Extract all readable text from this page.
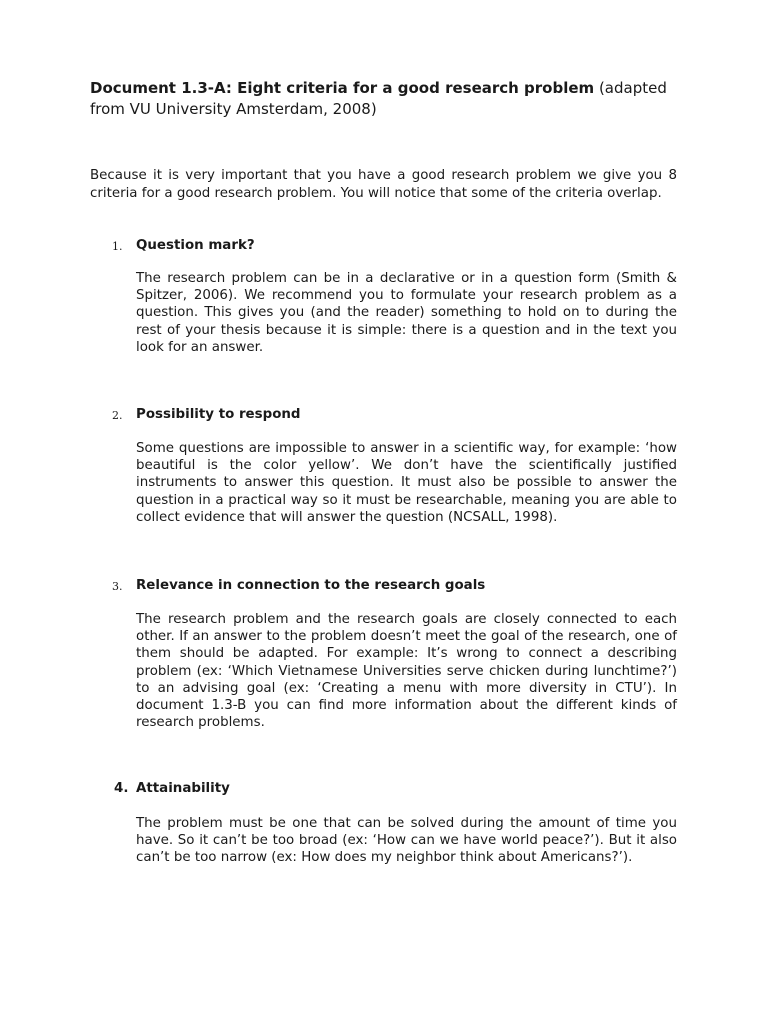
Document 1.3-A: Eight criteria for a good research problem (adapted from VU University Amsterdam, 2008)

Because it is very important that you have a good research problem we give you 8 criteria for a good research problem. You will notice that some of the criteria overlap.

1. Question mark?

The research problem can be in a declarative or in a question form (Smith & Spitzer, 2006). We recommend you to formulate your research problem as a question. This gives you (and the reader) something to hold on to during the rest of your thesis because it is simple: there is a question and in the text you look for an answer.

2. Possibility to respond

Some questions are impossible to answer in a scientific way, for example: ‘how beautiful is the color yellow’. We don’t have the scientifically justified instruments to answer this question. It must also be possible to answer the question in a practical way so it must be researchable, meaning you are able to collect evidence that will answer the question (NCSALL, 1998).

3. Relevance in connection to the research goals

The research problem and the research goals are closely connected to each other. If an answer to the problem doesn’t meet the goal of the research, one of them should be adapted. For example: It’s wrong to connect a describing problem (ex: ‘Which Vietnamese Universities serve chicken during lunchtime?’) to an advising goal (ex: ‘Creating a menu with more diversity in CTU’). In document 1.3-B you can find more information about the different kinds of research problems.

4. Attainability

The problem must be one that can be solved during the amount of time you have. So it can’t be too broad (ex: ‘How can we have world peace?’). But it also can’t be too narrow (ex: How does my neighbor think about Americans?’).
